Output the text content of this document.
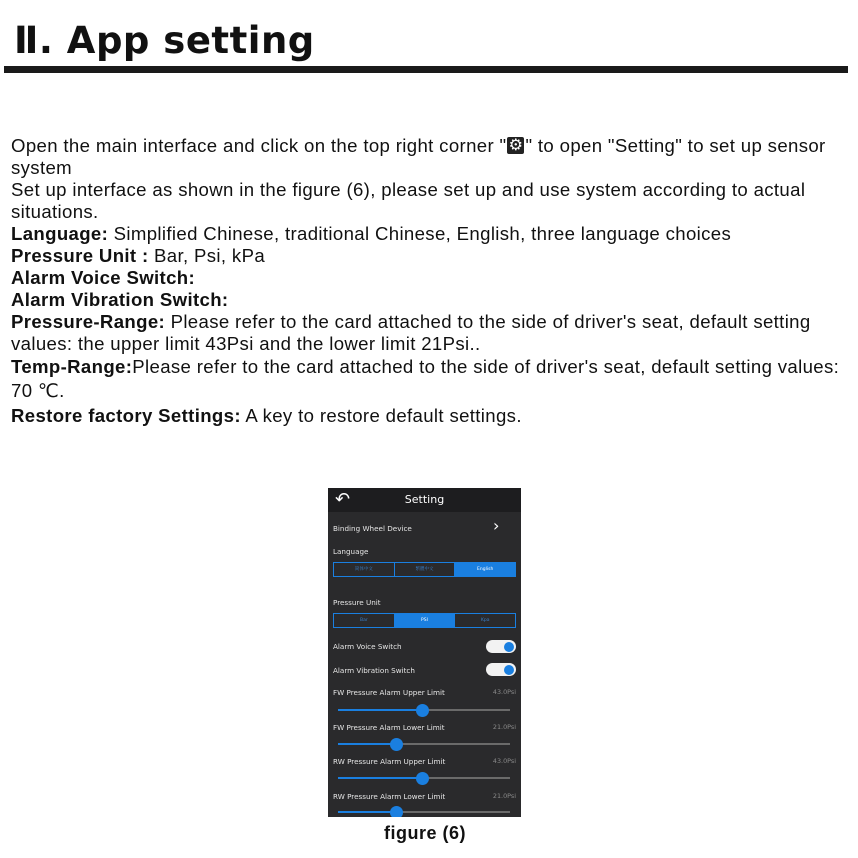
Ⅱ. App setting

Open the main interface and click on the top right corner "⚙ " to open "Setting" to set up sensor system

Set up interface as shown in the figure (6), please set up and use system according to actual situations.

Language: Simplified Chinese, traditional Chinese, English, three language choices

Pressure Unit : Bar, Psi, kPa

Alarm Voice Switch:

Alarm Vibration Switch:

Pressure-Range: Please refer to the card attached to the side of driver's seat, default setting values: the upper limit 43Psi and the lower limit 21Psi..

Temp-Range:Please refer to the card attached to the side of driver's seat, default setting values: 70 ℃.

Restore factory Settings: A key to restore default settings.

↶	Setting
Binding Wheel Device	›
Language
简体中文	繁體中文	English
Pressure Unit
Bar	PSI	Kpa
Alarm Voice Switch
Alarm Vibration Switch
FW Pressure Alarm Upper Limit	43.0Psi
FW Pressure Alarm Lower Limit	21.0Psi
RW Pressure Alarm Upper Limit	43.0Psi
RW Pressure Alarm Lower Limit	21.0Psi
figure (6)
